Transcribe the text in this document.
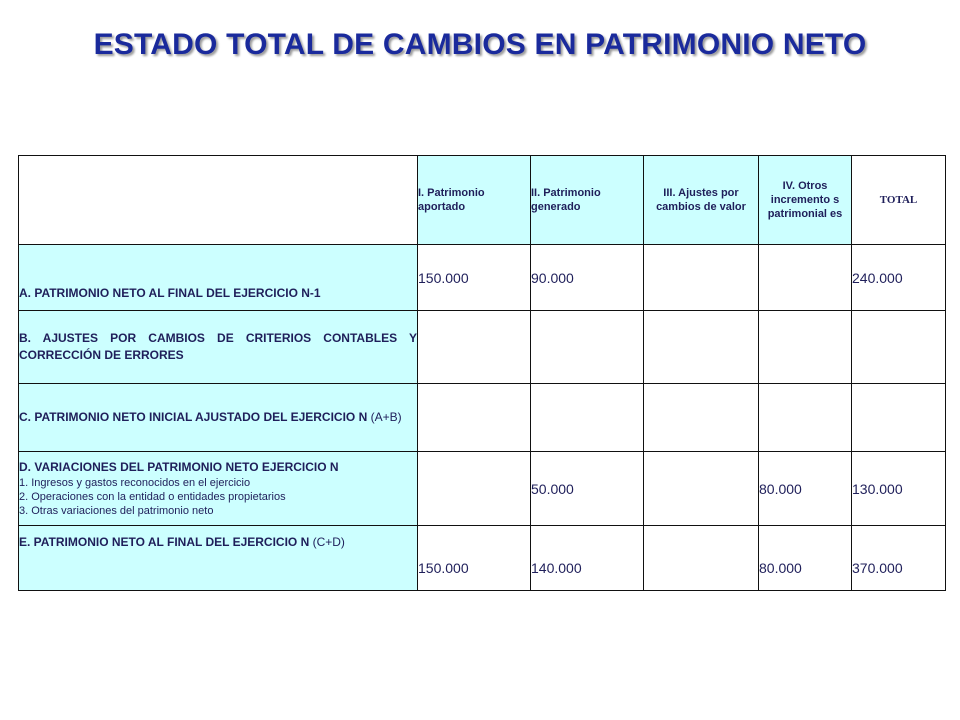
ESTADO TOTAL DE CAMBIOS EN PATRIMONIO NETO
	I. Patrimonio aportado	II. Patrimonio generado	III. Ajustes por cambios de valor	IV. Otros incremento s patrimonial es	TOTAL
A. PATRIMONIO NETO AL FINAL DEL EJERCICIO N-1	150.000	90.000			240.000
B. AJUSTES POR CAMBIOS DE CRITERIOS CONTABLES Y CORRECCIÓN DE ERRORES					
C. PATRIMONIO NETO INICIAL AJUSTADO DEL EJERCICIO N (A+B)					
D. VARIACIONES DEL PATRIMONIO NETO EJERCICIO N
1. Ingresos y gastos reconocidos en el ejercicio
2. Operaciones con la entidad o entidades propietarios
3. Otras variaciones del patrimonio neto		50.000		80.000	130.000
E. PATRIMONIO NETO AL FINAL DEL EJERCICIO N (C+D)	150.000	140.000		80.000	370.000
